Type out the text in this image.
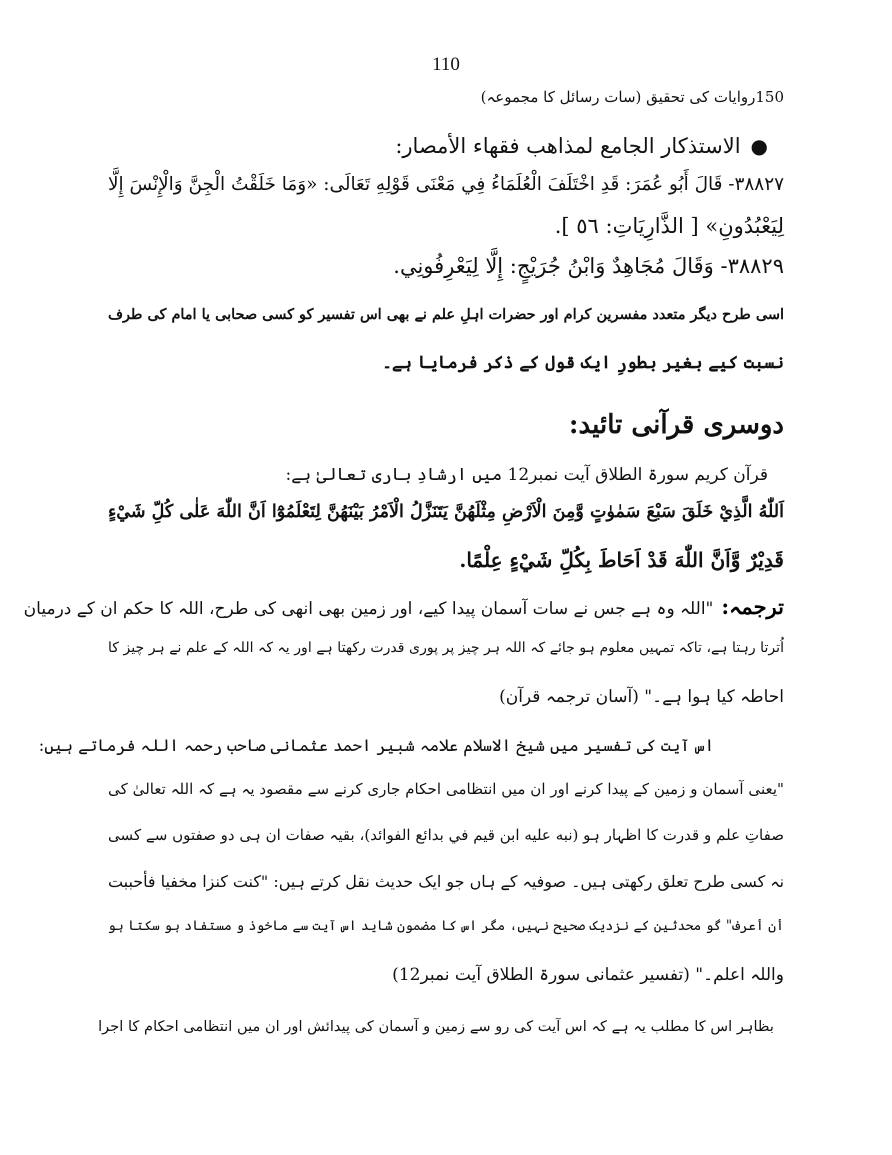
110
150روایات کی تحقیق (سات رسائل کا مجموعہ)
●الاستذكار الجامع لمذاهب فقهاء الأمصار:
٣٨٨٢٧- قَالَ أَبُو عُمَرَ: قَدِ اخْتَلَفَ الْعُلَمَاءُ فِي مَعْنَى قَوْلِهِ تَعَالَى: «وَمَا خَلَقْتُ الْجِنَّ وَالْإِنْسَ إِلَّا
لِيَعْبُدُونِ» [ الذَّارِيَاتِ: ٥٦ ].
٣٨٨٢٩- وَقَالَ مُجَاهِدٌ وَابْنُ جُرَيْجٍ: إِلَّا لِيَعْرِفُونِي.
اسی طرح دیگر متعدد مفسرین کرام اور حضرات اہلِ علم نے بھی اس تفسیر کو کسی صحابی یا امام کی طرف
نسبت کیے بغیر بطورِ ایک قول کے ذکر فرمایا ہے۔
دوسری قرآنی تائید:
قرآن کریم سورۃ الطلاق آیت نمبر12 میں ارشادِ باری تعالیٰ ہے:
اَللّٰهُ الَّذِيْ خَلَقَ سَبْعَ سَمٰوٰتٍ وَّمِنَ الْاَرْضِ مِثْلَهُنَّ يَتَنَزَّلُ الْاَمْرُ بَيْنَهُنَّ لِتَعْلَمُوْٓا اَنَّ اللّٰهَ عَلٰى كُلِّ شَيْءٍ
قَدِيْرٌ وَّاَنَّ اللّٰهَ قَدْ اَحَاطَ بِكُلِّ شَيْءٍ عِلْمًا.
ترجمہ:"اللہ وہ ہے جس نے سات آسمان پیدا کیے، اور زمین بھی انھی کی طرح، اللہ کا حکم ان کے درمیان
اُترتا رہتا ہے، تاکہ تمہیں معلوم ہو جائے کہ اللہ ہر چیز پر پوری قدرت رکھتا ہے اور یہ کہ اللہ کے علم نے ہر چیز کا
احاطہ کیا ہوا ہے۔" (آسان ترجمہ قرآن)
اس آیت کی تفسیر میں شیخ الاسلام علامہ شبیر احمد عثمانی صاحب رحمہ اللہ فرماتے ہیں:
"یعنی آسمان و زمین کے پیدا کرنے اور ان میں انتظامی احکام جاری کرنے سے مقصود یہ ہے کہ اللہ تعالیٰ کی
صفاتِ علم و قدرت کا اظہار ہو (نبه عليه ابن قيم في بدائع الفوائد)، بقیہ صفات ان ہی دو صفتوں سے کسی
نہ کسی طرح تعلق رکھتی ہیں۔ صوفیہ کے ہاں جو ایک حدیث نقل کرتے ہیں: "كنت كنزا مخفيا فأحببت
أن أعرف" گو محدثین کے نزدیک صحیح نہیں، مگر اس کا مضمون شاید اس آیت سے ماخوذ و مستفاد ہو سکتا ہو
واللہ اعلم۔" (تفسیر عثمانی سورۃ الطلاق آیت نمبر12)
بظاہر اس کا مطلب یہ ہے کہ اس آیت کی رو سے زمین و آسمان کی پیدائش اور ان میں انتظامی احکام کا اجرا
